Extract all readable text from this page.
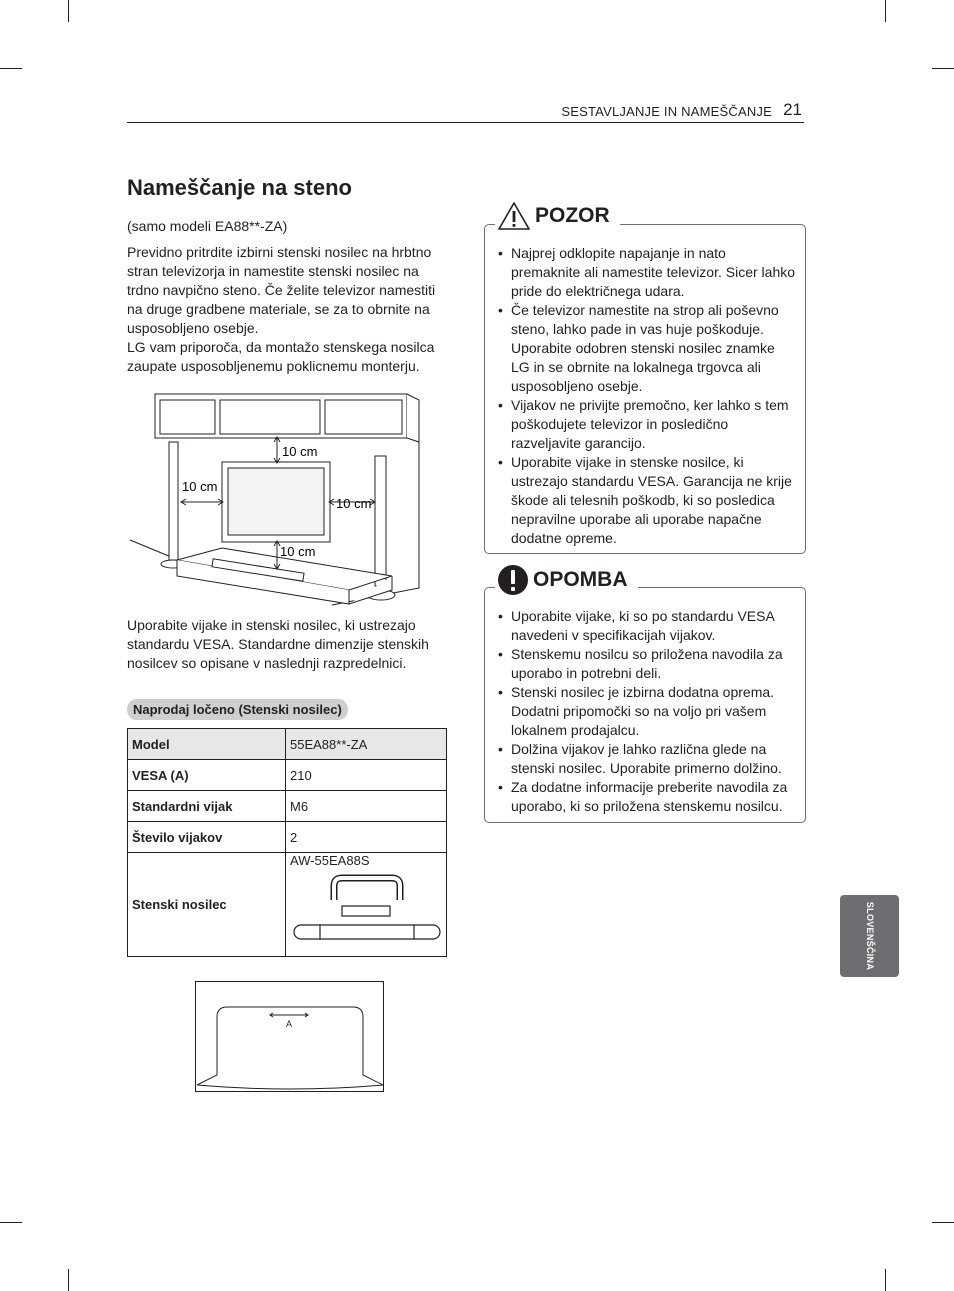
SESTAVLJANJE IN NAMEŠČANJE 21
Nameščanje na steno

(samo modeli EA88**-ZA)

Previdno pritrdite izbirni stenski nosilec na hrbtno stran televizorja in namestite stenski nosilec na trdno navpično steno. Če želite televizor namestiti na druge gradbene materiale, se za to obrnite na usposobljeno osebje.

LG vam priporoča, da montažo stenskega nosilca zaupate usposobljenemu poklicnemu monterju.

10 cm
10 cm
10 cm
10 cm

Uporabite vijake in stenski nosilec, ki ustrezajo standardu VESA. Standardne dimenzije stenskih nosilcev so opisane v naslednji razpredelnici.

Naprodaj ločeno (Stenski nosilec)
Model	55EA88**-ZA
VESA (A)	210
Standardni vijak	M6
Število vijakov	2
Stenski nosilec	AW-55EA88S
A
POZOR
• Najprej odklopite napajanje in nato premaknite ali namestite televizor. Sicer lahko pride do električnega udara.
• Če televizor namestite na strop ali poševno steno, lahko pade in vas huje poškoduje. Uporabite odobren stenski nosilec znamke LG in se obrnite na lokalnega trgovca ali usposobljeno osebje.
• Vijakov ne privijte premočno, ker lahko s tem poškodujete televizor in posledično razveljavite garancijo.
• Uporabite vijake in stenske nosilce, ki ustrezajo standardu VESA. Garancija ne krije škode ali telesnih poškodb, ki so posledica nepravilne uporabe ali uporabe napačne dodatne opreme.
OPOMBA
• Uporabite vijake, ki so po standardu VESA navedeni v specifikacijah vijakov.
• Stenskemu nosilcu so priložena navodila za uporabo in potrebni deli.
• Stenski nosilec je izbirna dodatna oprema. Dodatni pripomočki so na voljo pri vašem lokalnem prodajalcu.
• Dolžina vijakov je lahko različna glede na stenski nosilec. Uporabite primerno dolžino.
• Za dodatne informacije preberite navodila za uporabo, ki so priložena stenskemu nosilcu.
SLOVENŠČINA
